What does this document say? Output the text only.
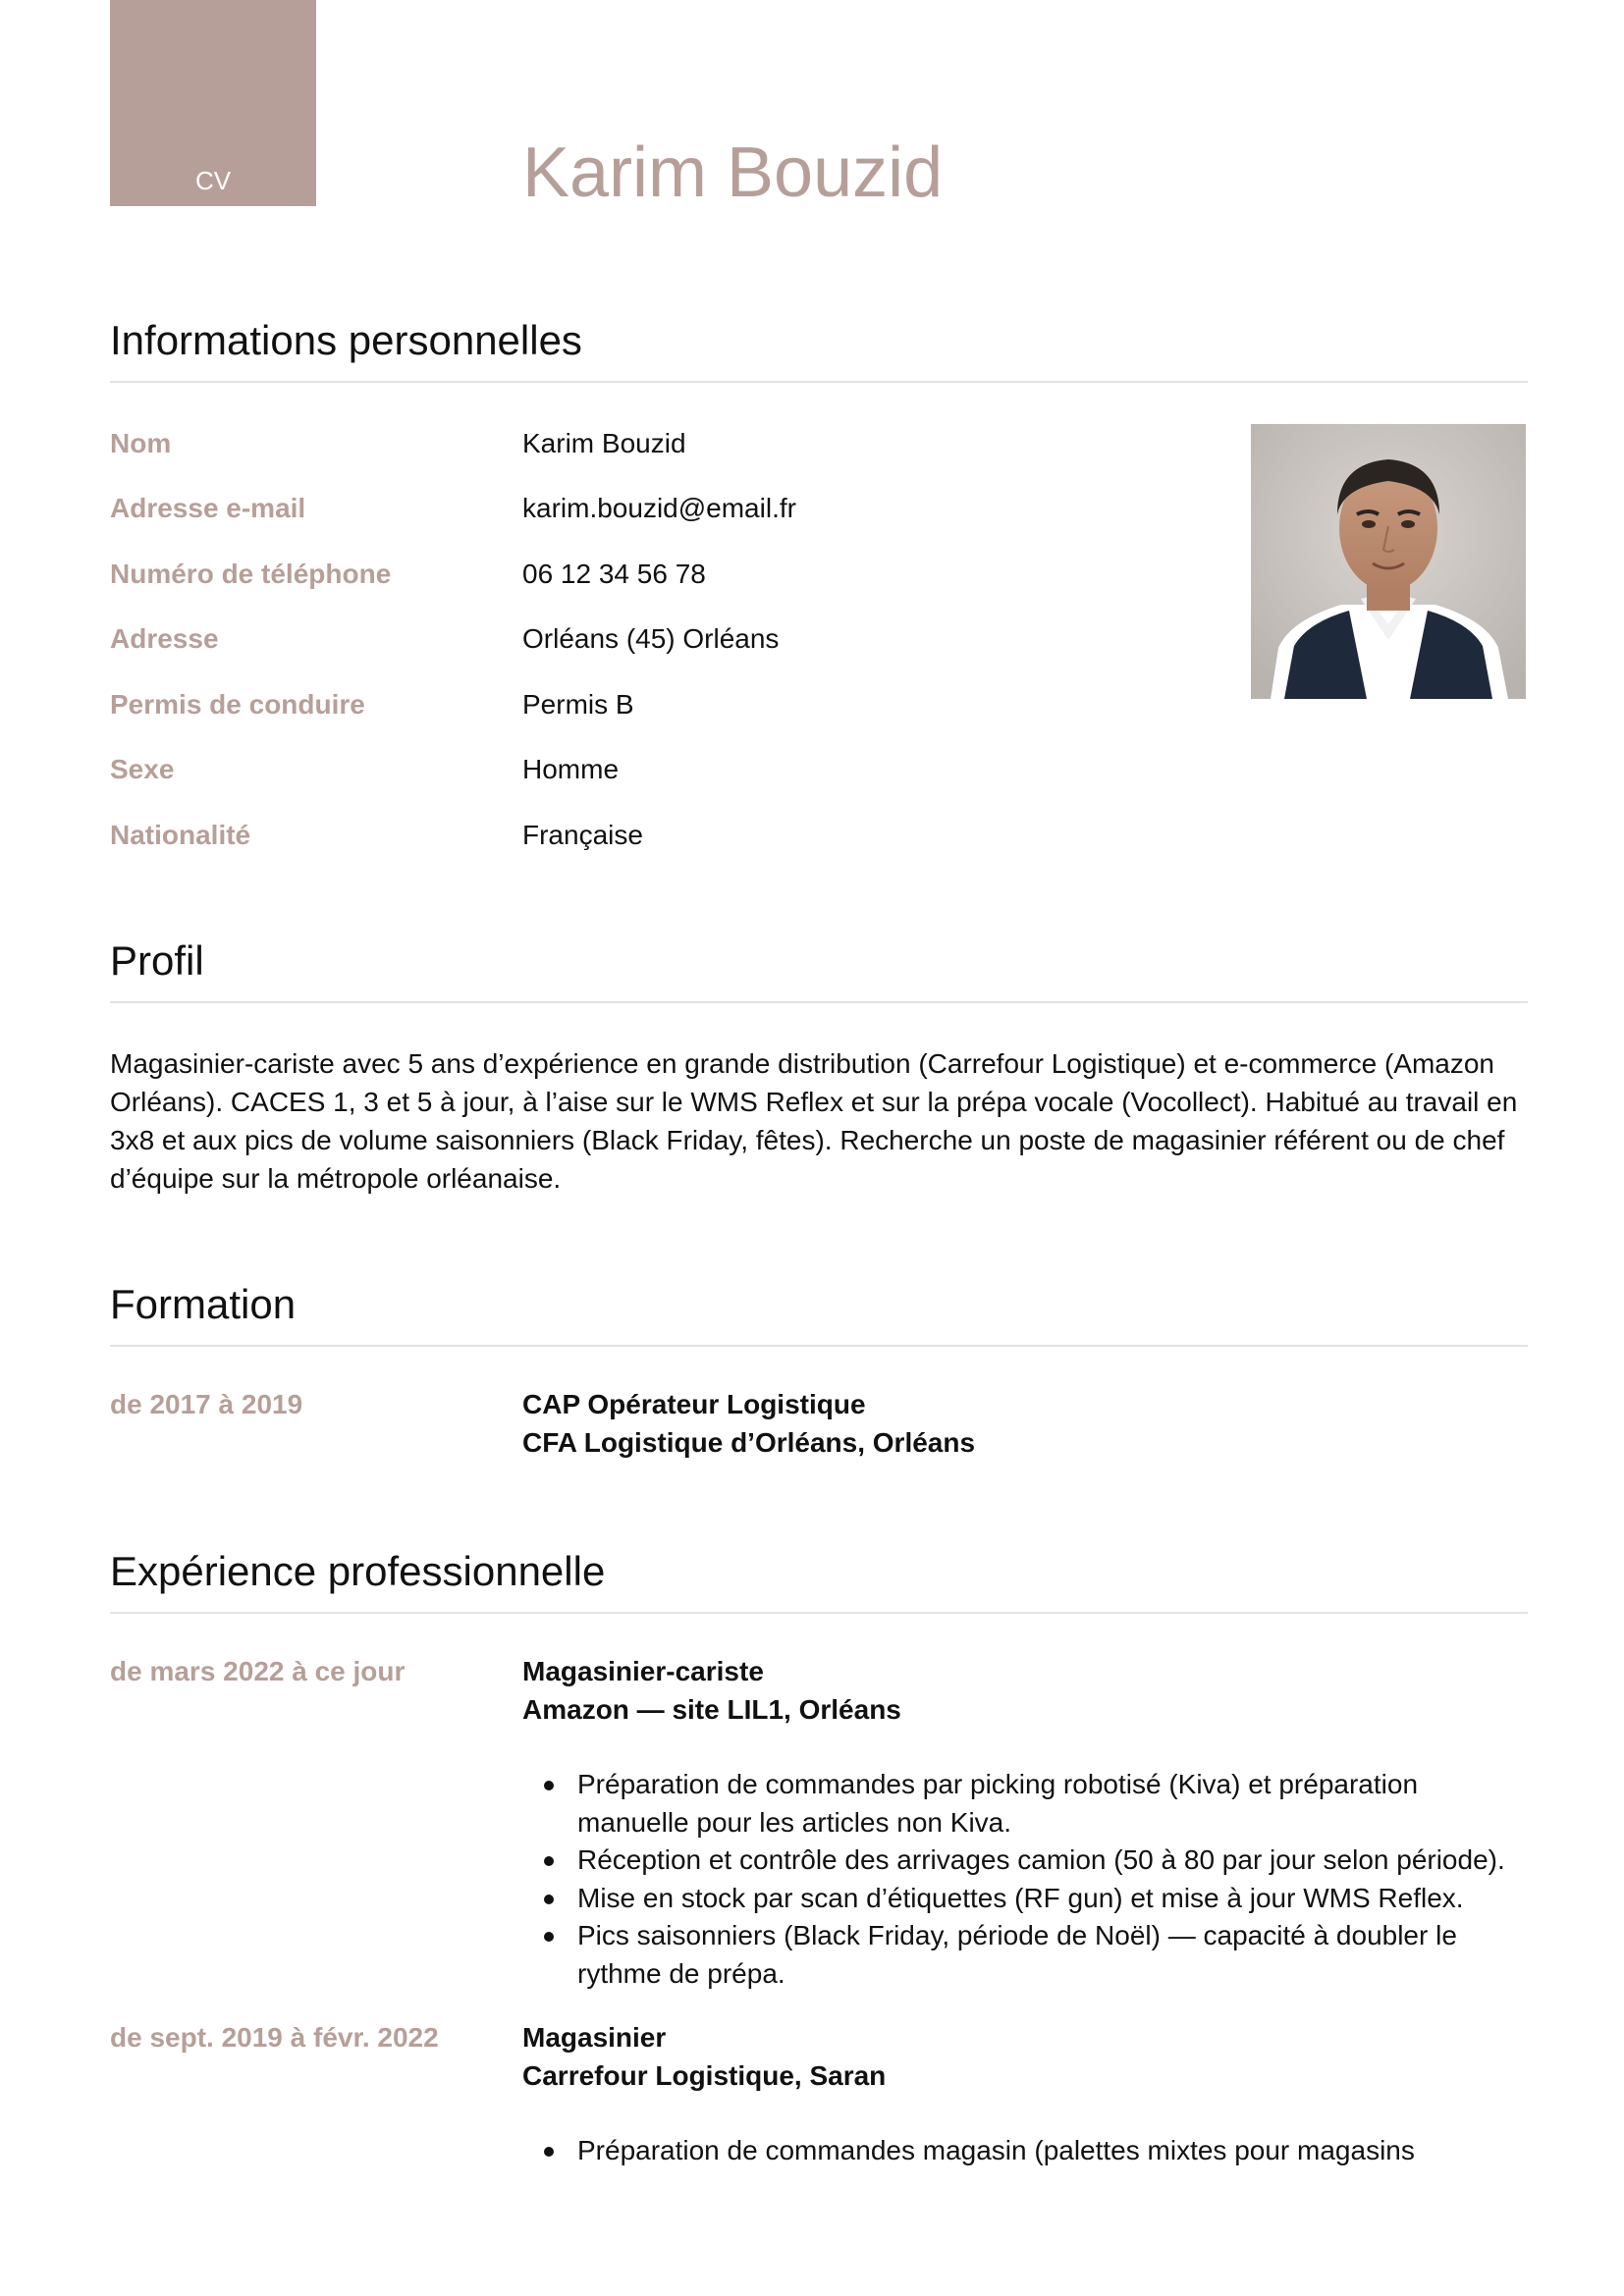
CV	Karim Bouzid
Informations personnelles
Nom	Karim Bouzid
Adresse e-mail	karim.bouzid@email.fr
Numéro de téléphone	06 12 34 56 78
Adresse	Orléans (45) Orléans
Permis de conduire	Permis B
Sexe	Homme
Nationalité	Française
Profil

Magasinier-cariste avec 5 ans d’expérience en grande distribution (Carrefour Logistique) et e-commerce (Amazon Orléans). CACES 1, 3 et 5 à jour, à l’aise sur le WMS Reflex et sur la prépa vocale (Vocollect). Habitué au travail en 3x8 et aux pics de volume saisonniers (Black Friday, fêtes). Recherche un poste de magasinier référent ou de chef d’équipe sur la métropole orléanaise.

Formation
de 2017 à 2019	CAP Opérateur Logistique
CFA Logistique d’Orléans, Orléans
Expérience professionnelle
de mars 2022 à ce jour	Magasinier-cariste
Amazon — site LIL1, Orléans
Préparation de commandes par picking robotisé (Kiva) et préparation manuelle pour les articles non Kiva.
Réception et contrôle des arrivages camion (50 à 80 par jour selon période).
Mise en stock par scan d’étiquettes (RF gun) et mise à jour WMS Reflex.
Pics saisonniers (Black Friday, période de Noël) — capacité à doubler le rythme de prépa.
de sept. 2019 à févr. 2022	Magasinier
Carrefour Logistique, Saran
Préparation de commandes magasin (palettes mixtes pour magasins
